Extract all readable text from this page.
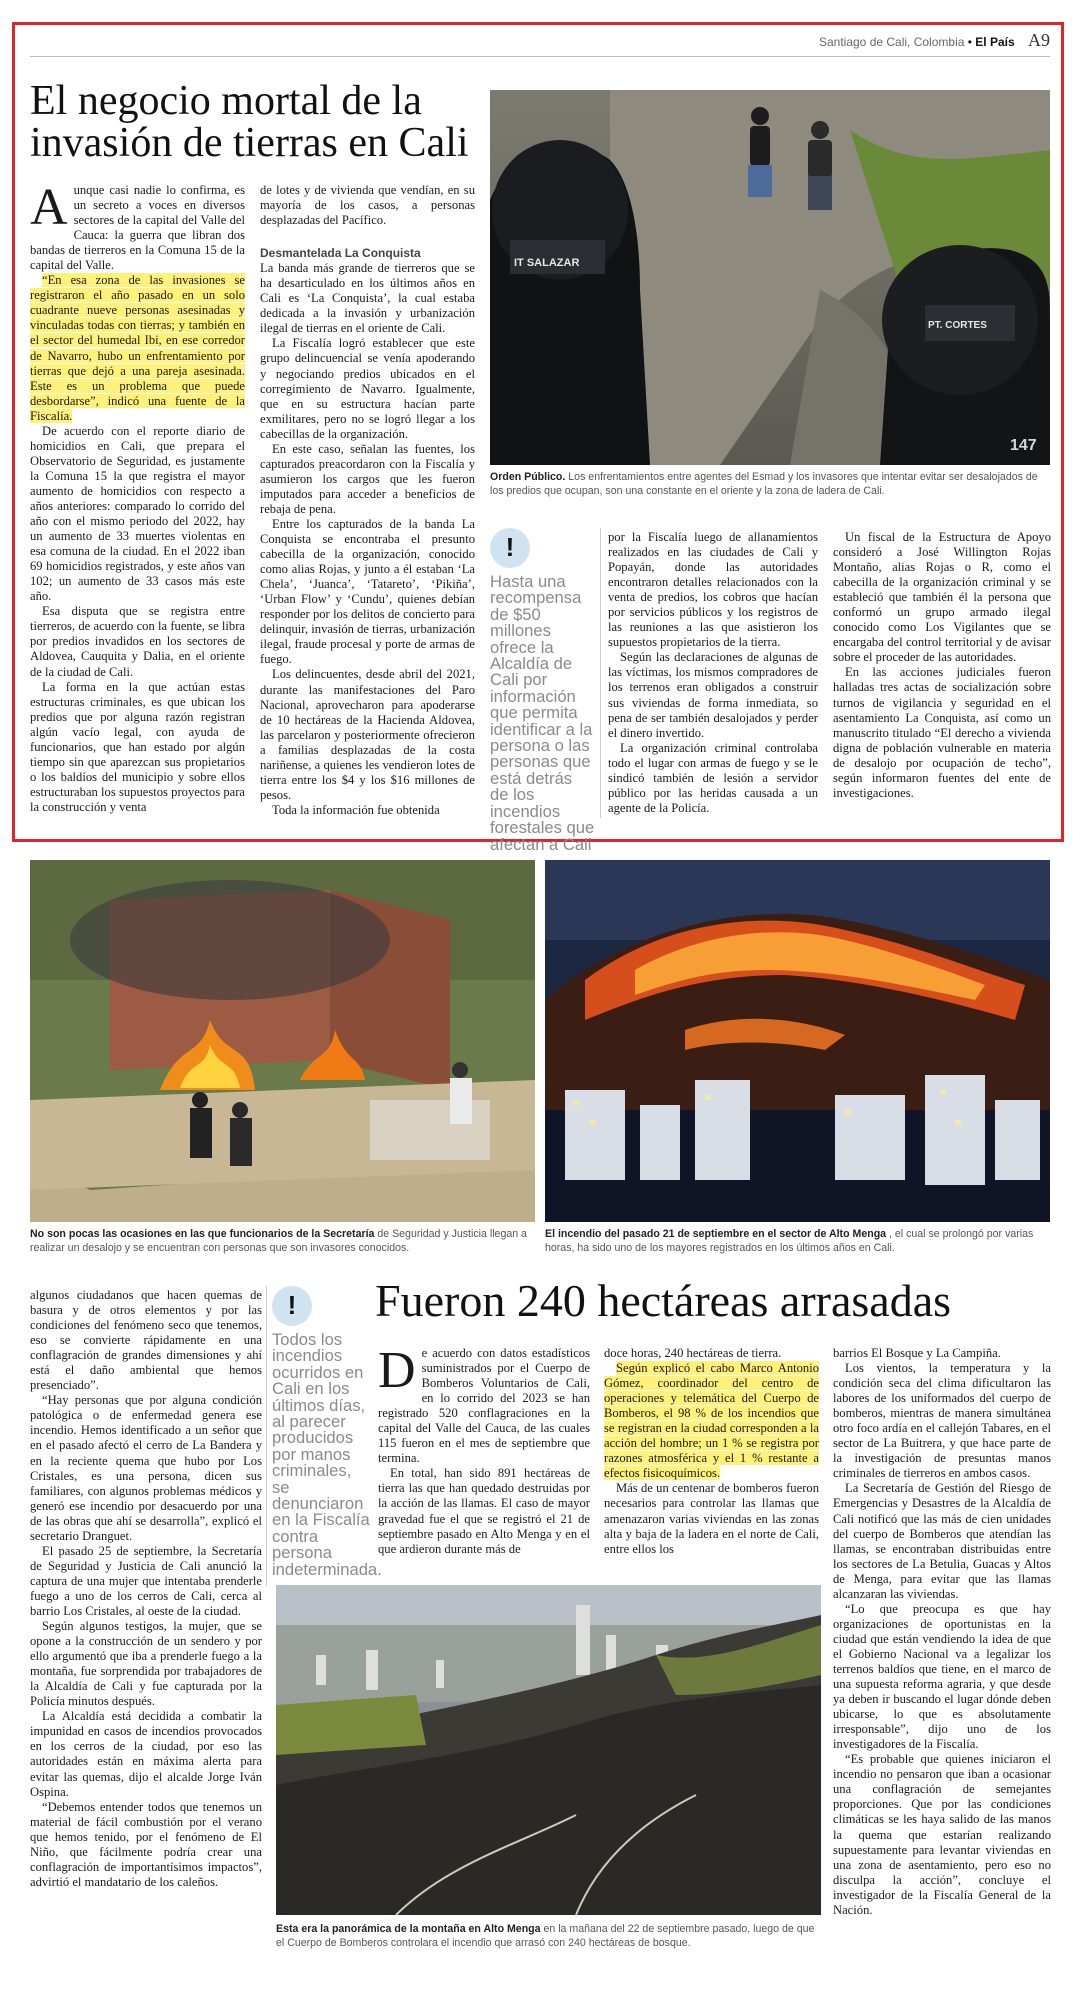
Santiago de Cali, Colombia • El País A9
El negocio mortal de la invasión de tierras en Cali

Aunque casi nadie lo confirma, es un secreto a voces en diversos sectores de la capital del Valle del Cauca: la guerra que libran dos bandas de tierreros en la Comuna 15 de la capital del Valle.

“En esa zona de las invasiones se registraron el año pasado en un solo cuadrante nueve personas asesinadas y vinculadas todas con tierras; y también en el sector del humedal Ibi, en ese corredor de Navarro, hubo un enfrentamiento por tierras que dejó a una pareja asesinada. Este es un problema que puede desbordarse”, indicó una fuente de la Fiscalía.

De acuerdo con el reporte diario de homicidios en Cali, que prepara el Observatorio de Seguridad, es justamente la Comuna 15 la que registra el mayor aumento de homicidios con respecto a años anteriores: comparado lo corrido del año con el mismo periodo del 2022, hay un aumento de 33 muertes violentas en esa comuna de la ciudad. En el 2022 iban 69 homicidios registrados, y este años van 102; un aumento de 33 casos más este año.

Esa disputa que se registra entre tierreros, de acuerdo con la fuente, se libra por predios invadidos en los sectores de Aldovea, Cauquita y Dalia, en el oriente de la ciudad de Cali.

La forma en la que actúan estas estructuras criminales, es que ubican los predios que por alguna razón registran algún vacío legal, con ayuda de funcionarios, que han estado por algún tiempo sin que aparezcan sus propietarios o los baldíos del municipio y sobre ellos estructuraban los supuestos proyectos para la construcción y venta

de lotes y de vivienda que vendían, en su mayoría de los casos, a personas desplazadas del Pacífico.

Desmantelada La Conquista

La banda más grande de tierreros que se ha desarticulado en los últimos años en Cali es ‘La Conquista’, la cual estaba dedicada a la invasión y urbanización ilegal de tierras en el oriente de Cali.

La Fiscalía logró establecer que este grupo delincuencial se venía apoderando y negociando predios ubicados en el corregimiento de Navarro. Igualmente, que en su estructura hacían parte exmilitares, pero no se logró llegar a los cabecillas de la organización.

En este caso, señalan las fuentes, los capturados preacordaron con la Fiscalía y asumieron los cargos que les fueron imputados para acceder a beneficios de rebaja de pena.

Entre los capturados de la banda La Conquista se encontraba el presunto cabecilla de la organización, conocido como alias Rojas, y junto a él estaban ‘La Chela’, ‘Juanca’, ‘Tatareto’, ‘Pikiña’, ‘Urban Flow’ y ‘Cundu’, quienes debían responder por los delitos de concierto para delinquir, invasión de tierras, urbanización ilegal, fraude procesal y porte de armas de fuego.

Los delincuentes, desde abril del 2021, durante las manifestaciones del Paro Nacional, aprovecharon para apoderarse de 10 hectáreas de la Hacienda Aldovea, las parcelaron y posteriormente ofrecieron a familias desplazadas de la costa nariñense, a quienes les vendieron lotes de tierra entre los $4 y los $16 millones de pesos.

Toda la información fue obtenida

IT SALAZAR
PT. CORTES
147
Orden Público. Los enfrentamientos entre agentes del Esmad y los invasores que intentar evitar ser desalojados de los predios que ocupan, son una constante en el oriente y la zona de ladera de Cali.
!
Hasta una recompensa de $50 millones ofrece la Alcaldía de Cali por información que permita identificar a la persona o las personas que está detrás de los incendios forestales que afectan a Cali

por la Fiscalía luego de allanamientos realizados en las ciudades de Cali y Popayán, donde las autoridades encontraron detalles relacionados con la venta de predios, los cobros que hacían por servicios públicos y los registros de las reuniones a las que asistieron los supuestos propietarios de la tierra.

Según las declaraciones de algunas de las víctimas, los mismos compradores de los terrenos eran obligados a construir sus viviendas de forma inmediata, so pena de ser también desalojados y perder el dinero invertido.

La organización criminal controlaba todo el lugar con armas de fuego y se le sindicó también de lesión a servidor público por las heridas causada a un agente de la Policía.

Un fiscal de la Estructura de Apoyo consideró a José Willington Rojas Montaño, alias Rojas o R, como el cabecilla de la organización criminal y se estableció que también él la persona que conformó un grupo armado ilegal conocido como Los Vigilantes que se encargaba del control territorial y de avisar sobre el proceder de las autoridades.

En las acciones judiciales fueron halladas tres actas de socialización sobre turnos de vigilancia y seguridad en el asentamiento La Conquista, así como un manuscrito titulado “El derecho a vivienda digna de población vulnerable en materia de desalojo por ocupación de techo”, según informaron fuentes del ente de investigaciones.

No son pocas las ocasiones en las que funcionarios de la Secretaría de Seguridad y Justicia llegan a realizar un desalojo y se encuentran con personas que son invasores conocidos.
El incendio del pasado 21 de septiembre en el sector de Alto Menga , el cual se prolongó por varias horas, ha sido uno de los mayores registrados en los últimos años en Cali.

algunos ciudadanos que hacen quemas de basura y de otros elementos y por las condiciones del fenómeno seco que tenemos, eso se convierte rápidamente en una conflagración de grandes dimensiones y ahí está el daño ambiental que hemos presenciado”.

“Hay personas que por alguna condición patológica o de enfermedad genera ese incendio. Hemos identificado a un señor que en el pasado afectó el cerro de La Bandera y en la reciente quema que hubo por Los Cristales, es una persona, dicen sus familiares, con algunos problemas médicos y generó ese incendio por desacuerdo por una de las obras que ahí se desarrolla”, explicó el secretario Dranguet.

El pasado 25 de septiembre, la Secretaría de Seguridad y Justicia de Cali anunció la captura de una mujer que intentaba prenderle fuego a uno de los cerros de Cali, cerca al barrio Los Cristales, al oeste de la ciudad.

Según algunos testigos, la mujer, que se opone a la construcción de un sendero y por ello argumentó que iba a prenderle fuego a la montaña, fue sorprendida por trabajadores de la Alcaldía de Cali y fue capturada por la Policía minutos después.

La Alcaldía está decidida a combatir la impunidad en casos de incendios provocados en los cerros de la ciudad, por eso las autoridades están en máxima alerta para evitar las quemas, dijo el alcalde Jorge Iván Ospina.

“Debemos entender todos que tenemos un material de fácil combustión por el verano que hemos tenido, por el fenómeno de El Niño, que fácilmente podría crear una conflagración de importantísimos impactos”, advirtió el mandatario de los caleños.

!
Todos los incendios ocurridos en Cali en los últimos días, al parecer producidos por manos criminales, se denunciaron en la Fiscalía contra persona indeterminada.
Fueron 240 hectáreas arrasadas

De acuerdo con datos estadísticos suministrados por el Cuerpo de Bomberos Voluntarios de Cali, en lo corrido del 2023 se han registrado 520 conflagraciones en la capital del Valle del Cauca, de las cuales 115 fueron en el mes de septiembre que termina.

En total, han sido 891 hectáreas de tierra las que han quedado destruidas por la acción de las llamas. El caso de mayor gravedad fue el que se registró el 21 de septiembre pasado en Alto Menga y en el que ardieron durante más de

doce horas, 240 hectáreas de tierra.

Según explicó el cabo Marco Antonio Gómez, coordinador del centro de operaciones y telemática del Cuerpo de Bomberos, el 98 % de los incendios que se registran en la ciudad corresponden a la acción del hombre; un 1 % se registra por razones atmosférica y el 1 % restante a efectos fisicoquímicos.

Más de un centenar de bomberos fueron necesarios para controlar las llamas que amenazaron varias viviendas en las zonas alta y baja de la ladera en el norte de Cali, entre ellos los

barrios El Bosque y La Campiña.

Los vientos, la temperatura y la condición seca del clima dificultaron las labores de los uniformados del cuerpo de bomberos, mientras de manera simultánea otro foco ardía en el callejón Tabares, en el sector de La Buitrera, y que hace parte de la investigación de presuntas manos criminales de tierreros en ambos casos.

La Secretaría de Gestión del Riesgo de Emergencias y Desastres de la Alcaldía de Cali notificó que las más de cien unidades del cuerpo de Bomberos que atendían las llamas, se encontraban distribuidas entre los sectores de La Betulia, Guacas y Altos de Menga, para evitar que las llamas alcanzaran las viviendas.

“Lo que preocupa es que hay organizaciones de oportunistas en la ciudad que están vendiendo la idea de que el Gobierno Nacional va a legalizar los terrenos baldíos que tiene, en el marco de una supuesta reforma agraria, y que desde ya deben ir buscando el lugar dónde deben ubicarse, lo que es absolutamente irresponsable”, dijo uno de los investigadores de la Fiscalía.

“Es probable que quienes iniciaron el incendio no pensaron que iban a ocasionar una conflagración de semejantes proporciones. Que por las condiciones climáticas se les haya salido de las manos la quema que estarían realizando supuestamente para levantar viviendas en una zona de asentamiento, pero eso no disculpa la acción”, concluye el investigador de la Fiscalía General de la Nación.

Esta era la panorámica de la montaña en Alto Menga en la mañana del 22 de septiembre pasado, luego de que el Cuerpo de Bomberos controlara el incendio que arrasó con 240 hectáreas de bosque.
